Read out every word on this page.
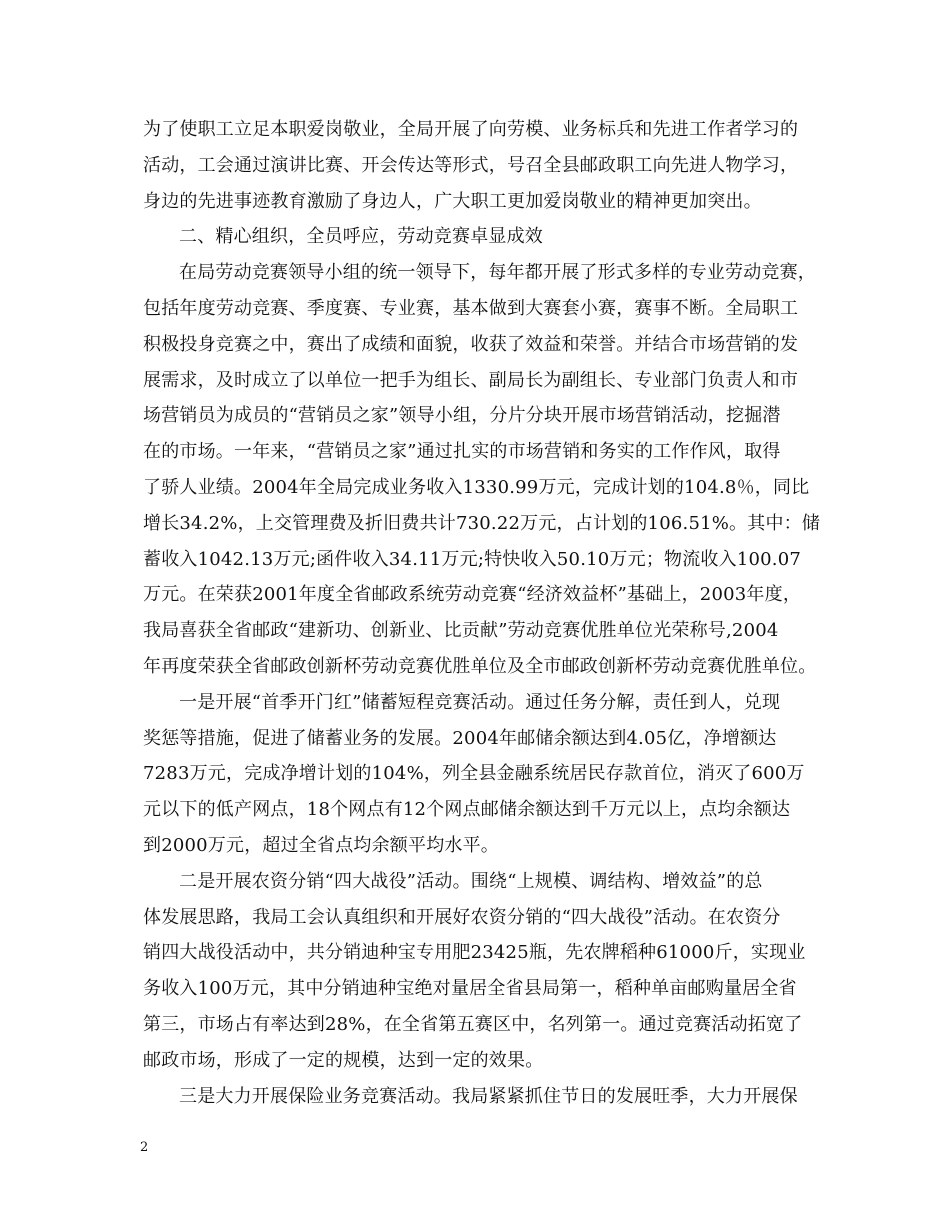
为了使职工立足本职爱岗敬业，全局开展了向劳模、业务标兵和先进工作者学习的
活动，工会通过演讲比赛、开会传达等形式，号召全县邮政职工向先进人物学习，
身边的先进事迹教育激励了身边人，广大职工更加爱岗敬业的精神更加突出。
二、精心组织，全员呼应，劳动竞赛卓显成效
在局劳动竞赛领导小组的统一领导下，每年都开展了形式多样的专业劳动竞赛，
包括年度劳动竞赛、季度赛、专业赛，基本做到大赛套小赛，赛事不断。全局职工
积极投身竞赛之中，赛出了成绩和面貌，收获了效益和荣誉。并结合市场营销的发
展需求，及时成立了以单位一把手为组长、副局长为副组长、专业部门负责人和市
场营销员为成员的“营销员之家”领导小组，分片分块开展市场营销活动，挖掘潜
在的市场。一年来，“营销员之家”通过扎实的市场营销和务实的工作作风，取得
了骄人业绩。2004年全局完成业务收入1330.99万元，完成计划的104.8％，同比
增长34.2%，上交管理费及折旧费共计730.22万元，占计划的106.51%。其中：储
蓄收入1042.13万元;函件收入34.11万元;特快收入50.10万元；物流收入100.07
万元。在荣获2001年度全省邮政系统劳动竞赛“经济效益杯”基础上，2003年度，
我局喜获全省邮政“建新功、创新业、比贡献”劳动竞赛优胜单位光荣称号,2004
年再度荣获全省邮政创新杯劳动竞赛优胜单位及全市邮政创新杯劳动竞赛优胜单位。
一是开展“首季开门红”储蓄短程竞赛活动。通过任务分解，责任到人，兑现
奖惩等措施，促进了储蓄业务的发展。2004年邮储余额达到4.05亿，净增额达
7283万元，完成净增计划的104%，列全县金融系统居民存款首位，消灭了600万
元以下的低产网点，18个网点有12个网点邮储余额达到千万元以上，点均余额达
到2000万元，超过全省点均余额平均水平。
二是开展农资分销“四大战役”活动。围绕“上规模、调结构、增效益”的总
体发展思路，我局工会认真组织和开展好农资分销的“四大战役”活动。在农资分
销四大战役活动中，共分销迪种宝专用肥23425瓶，先农牌稻种61000斤，实现业
务收入100万元，其中分销迪种宝绝对量居全省县局第一，稻种单亩邮购量居全省
第三，市场占有率达到28%，在全省第五赛区中，名列第一。通过竞赛活动拓宽了
邮政市场，形成了一定的规模，达到一定的效果。
三是大力开展保险业务竞赛活动。我局紧紧抓住节日的发展旺季，大力开展保
2
